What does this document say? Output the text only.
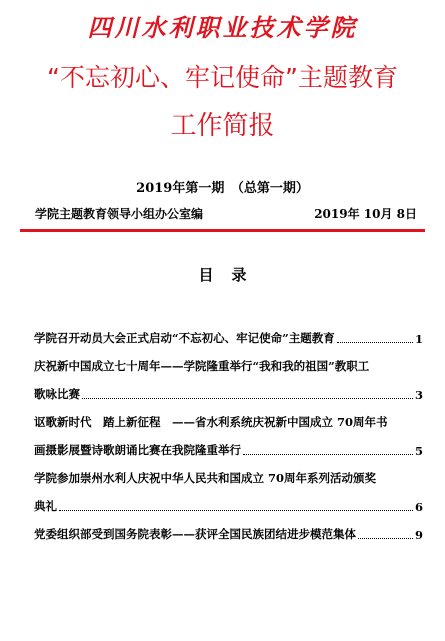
四川水利职业技术学院
“不忘初心、牢记使命”主题教育
工作简报
2019年第一期　（总第一期）
学院主题教育领导小组办公室编	2019年 10月 8日
目录
学院召开动员大会正式启动“不忘初心、牢记使命”主题教育	1
庆祝新中国成立七十周年——学院隆重举行“我和我的祖国”教职工
歌咏比赛	3
讴歌新时代　踏上新征程　——省水利系统庆祝新中国成立 70周年书
画摄影展暨诗歌朗诵比赛在我院隆重举行	5
学院参加崇州水利人庆祝中华人民共和国成立 70周年系列活动颁奖
典礼	6
党委组织部受到国务院表彰——获评全国民族团结进步模范集体	9
